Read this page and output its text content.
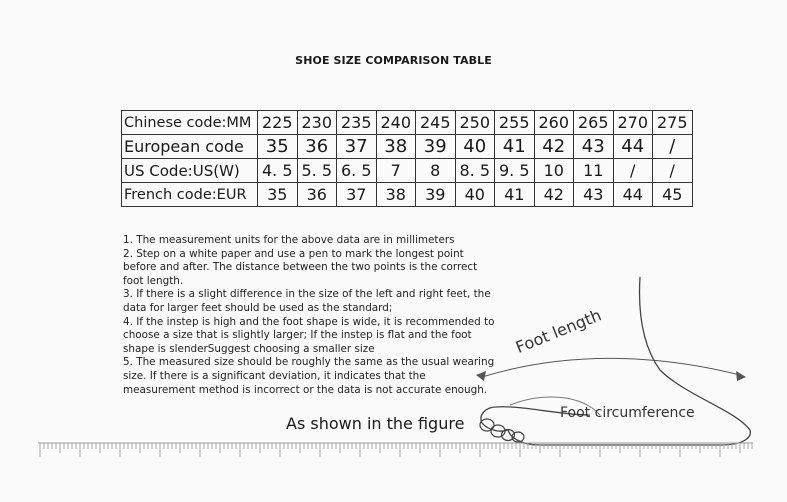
SHOE SIZE COMPARISON TABLE
Chinese code:MM	225	230	235	240	245	250	255	260	265	270	275
European code	35	36	37	38	39	40	41	42	43	44	/
US Code:US(W)	4. 5	5. 5	6. 5	7	8	8. 5	9. 5	10	11	/	/
French code:EUR	35	36	37	38	39	40	41	42	43	44	45

1. The measurement units for the above data are in millimeters

2. Step on a white paper and use a pen to mark the longest point before and after. The distance between the two points is the correct foot length.

3. If there is a slight difference in the size of the left and right feet, the data for larger feet should be used as the standard;

4. If the instep is high and the foot shape is wide, it is recommended to choose a size that is slightly larger; If the instep is flat and the foot shape is slenderSuggest choosing a smaller size

5. The measured size should be roughly the same as the usual wearing size. If there is a significant deviation, it indicates that the measurement method is incorrect or the data is not accurate enough.

As shown in the figure
Foot length
Foot circumference
